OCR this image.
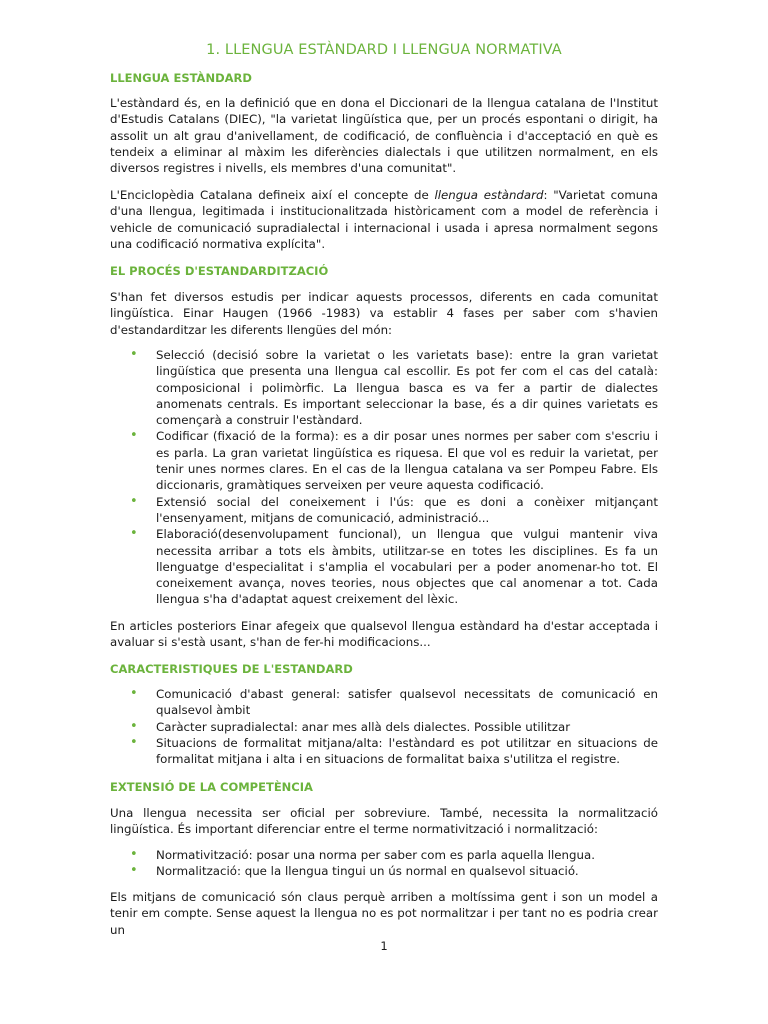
1. LLENGUA ESTÀNDARD I LLENGUA NORMATIVA
LLENGUA ESTÀNDARD

L'estàndard és, en la definició que en dona el Diccionari de la llengua catalana de l'Institut d'Estudis Catalans (DIEC), "la varietat lingüística que, per un procés espontani o dirigit, ha assolit un alt grau d'anivellament, de codificació, de confluència i d'acceptació en què es tendeix a eliminar al màxim les diferències dialectals i que utilitzen normalment, en els diversos registres i nivells, els membres d'una comunitat".

L'Enciclopèdia Catalana defineix així el concepte de llengua estàndard: "Varietat comuna d'una llengua, legitimada i institucionalitzada històricament com a model de referència i vehicle de comunicació supradialectal i internacional i usada i apresa normalment segons una codificació normativa explícita".

EL PROCÉS D'ESTANDARDITZACIÓ

S'han fet diversos estudis per indicar aquests processos, diferents en cada comunitat lingüística. Einar Haugen (1966 -1983) va establir 4 fases per saber com s'havien d'estandarditzar les diferents llengües del món:

• Selecció (decisió sobre la varietat o les varietats base): entre la gran varietat lingüística que presenta una llengua cal escollir. Es pot fer com el cas del català: composicional i polimòrfic. La llengua basca es va fer a partir de dialectes anomenats centrals. Es important seleccionar la base, és a dir quines varietats es començarà a construir l'estàndard.
• Codificar (fixació de la forma): es a dir posar unes normes per saber com s'escriu i es parla. La gran varietat lingüística es riquesa. El que vol es reduir la varietat, per tenir unes normes clares. En el cas de la llengua catalana va ser Pompeu Fabre. Els diccionaris, gramàtiques serveixen per veure aquesta codificació.
• Extensió social del coneixement i l'ús: que es doni a conèixer mitjançant l'ensenyament, mitjans de comunicació, administració...
• Elaboració(desenvolupament funcional), un llengua que vulgui mantenir viva necessita arribar a tots els àmbits, utilitzar-se en totes les disciplines. Es fa un llenguatge d'especialitat i s'amplia el vocabulari per a poder anomenar-ho tot. El coneixement avança, noves teories, nous objectes que cal anomenar a tot. Cada llengua s'ha d'adaptat aquest creixement del lèxic.

En articles posteriors Einar afegeix que qualsevol llengua estàndard ha d'estar acceptada i avaluar si s'està usant, s'han de fer-hi modificacions...

CARACTERISTIQUES DE L'ESTANDARD
• Comunicació d'abast general: satisfer qualsevol necessitats de comunicació en qualsevol àmbit
• Caràcter supradialectal: anar mes allà dels dialectes. Possible utilitzar
• Situacions de formalitat mitjana/alta: l'estàndard es pot utilitzar en situacions de formalitat mitjana i alta i en situacions de formalitat baixa s'utilitza el registre.
EXTENSIÓ DE LA COMPETÈNCIA

Una llengua necessita ser oficial per sobreviure. També, necessita la normalització lingüística. És important diferenciar entre el terme normativització i normalització:

• Normativització: posar una norma per saber com es parla aquella llengua.
• Normalització: que la llengua tingui un ús normal en qualsevol situació.

Els mitjans de comunicació són claus perquè arriben a moltíssima gent i son un model a tenir em compte. Sense aquest la llengua no es pot normalitzar i per tant no es podria crear un

1
